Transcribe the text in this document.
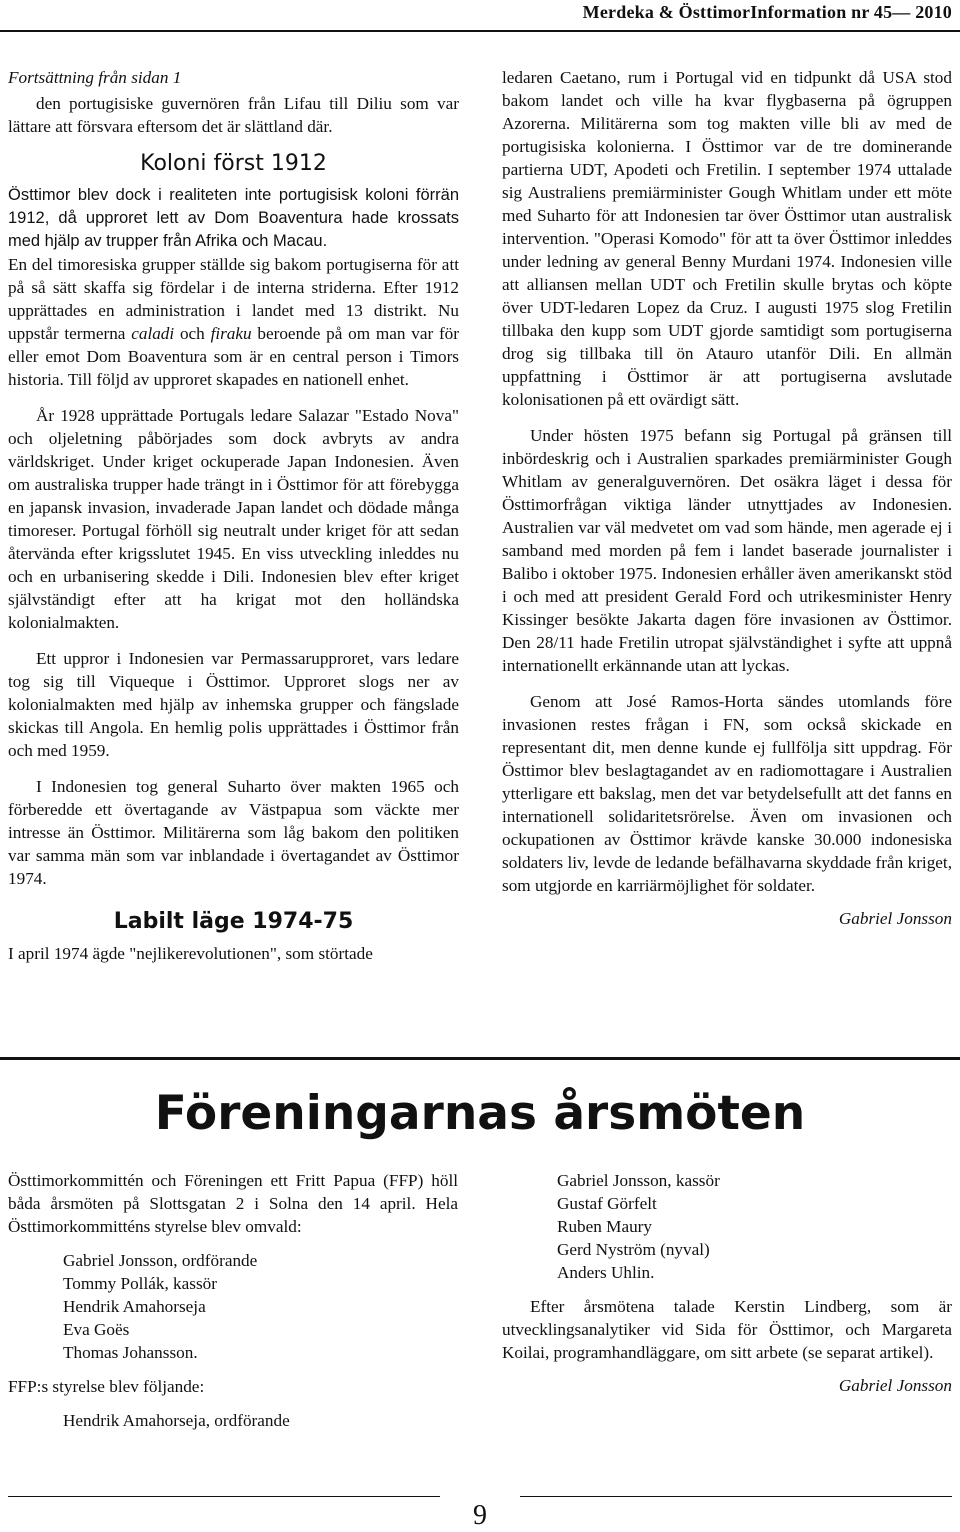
Merdeka & ÖsttimorInformation nr 45— 2010

Fortsättning från sidan 1

den portugisiske guvernören från Lifau till Diliu som var lättare att försvara eftersom det är slättland där.

Koloni först 1912

Östtimor blev dock i realiteten inte portugisisk koloni förrän 1912, då upproret lett av Dom Boaventura hade krossats med hjälp av trupper från Afrika och Macau.

En del timoresiska grupper ställde sig bakom portugiserna för att på så sätt skaffa sig fördelar i de interna striderna. Efter 1912 upprättades en administration i landet med 13 distrikt. Nu uppstår termerna caladi och firaku beroende på om man var för eller emot Dom Boaventura som är en central person i Timors historia. Till följd av upproret skapades en nationell enhet.

År 1928 upprättade Portugals ledare Salazar "Estado Nova" och oljeletning påbörjades som dock avbryts av andra världskriget. Under kriget ockuperade Japan Indonesien. Även om australiska trupper hade trängt in i Östtimor för att förebygga en japansk invasion, invaderade Japan landet och dödade många timoreser. Portugal förhöll sig neutralt under kriget för att sedan återvända efter krigsslutet 1945. En viss utveckling inleddes nu och en urbanisering skedde i Dili. Indonesien blev efter kriget självständigt efter att ha krigat mot den holländska kolonialmakten.

Ett uppror i Indonesien var Permassarupproret, vars ledare tog sig till Viqueque i Östtimor. Upproret slogs ner av kolonialmakten med hjälp av inhemska grupper och fängslade skickas till Angola. En hemlig polis upprättades i Östtimor från och med 1959.

I Indonesien tog general Suharto över makten 1965 och förberedde ett övertagande av Västpapua som väckte mer intresse än Östtimor. Militärerna som låg bakom den politiken var samma män som var inblandade i övertagandet av Östtimor 1974.

Labilt läge 1974-75

I april 1974 ägde "nejlikerevolutionen", som störtade

ledaren Caetano, rum i Portugal vid en tidpunkt då USA stod bakom landet och ville ha kvar flygbaserna på ögruppen Azorerna. Militärerna som tog makten ville bli av med de portugisiska kolonierna. I Östtimor var de tre dominerande partierna UDT, Apodeti och Fretilin. I september 1974 uttalade sig Australiens premiärminister Gough Whitlam under ett möte med Suharto för att Indonesien tar över Östtimor utan australisk intervention. "Operasi Komodo" för att ta över Östtimor inleddes under ledning av general Benny Murdani 1974. Indonesien ville att alliansen mellan UDT och Fretilin skulle brytas och köpte över UDT-ledaren Lopez da Cruz. I augusti 1975 slog Fretilin tillbaka den kupp som UDT gjorde samtidigt som portugiserna drog sig tillbaka till ön Atauro utanför Dili. En allmän uppfattning i Östtimor är att portugiserna avslutade kolonisationen på ett ovärdigt sätt.

Under hösten 1975 befann sig Portugal på gränsen till inbördeskrig och i Australien sparkades premiärminister Gough Whitlam av generalguvernören. Det osäkra läget i dessa för Östtimorfrågan viktiga länder utnyttjades av Indonesien. Australien var väl medvetet om vad som hände, men agerade ej i samband med morden på fem i landet baserade journalister i Balibo i oktober 1975. Indonesien erhåller även amerikanskt stöd i och med att president Gerald Ford och utrikesminister Henry Kissinger besökte Jakarta dagen före invasionen av Östtimor. Den 28/11 hade Fretilin utropat självständighet i syfte att uppnå internationellt erkännande utan att lyckas.

Genom att José Ramos-Horta sändes utomlands före invasionen restes frågan i FN, som också skickade en representant dit, men denne kunde ej fullfölja sitt uppdrag. För Östtimor blev beslagtagandet av en radiomottagare i Australien ytterligare ett bakslag, men det var betydelsefullt att det fanns en internationell solidaritetsrörelse. Även om invasionen och ockupationen av Östtimor krävde kanske 30.000 indonesiska soldaters liv, levde de ledande befälhavarna skyddade från kriget, som utgjorde en karriärmöjlighet för soldater.

Gabriel Jonsson

Föreningarnas årsmöten

Östtimorkommittén och Föreningen ett Fritt Papua (FFP) höll båda årsmöten på Slottsgatan 2 i Solna den 14 april. Hela Östtimorkommitténs styrelse blev omvald:

Gabriel Jonsson, ordförande
Tommy Pollák, kassör
Hendrik Amahorseja
Eva Goës
Thomas Johansson.

FFP:s styrelse blev följande:

Hendrik Amahorseja, ordförande
Gabriel Jonsson, kassör
Gustaf Görfelt
Ruben Maury
Gerd Nyström (nyval)
Anders Uhlin.

Efter årsmötena talade Kerstin Lindberg, som är utvecklingsanalytiker vid Sida för Östtimor, och Margareta Koilai, programhandläggare, om sitt arbete (se separat artikel).

Gabriel Jonsson

9
